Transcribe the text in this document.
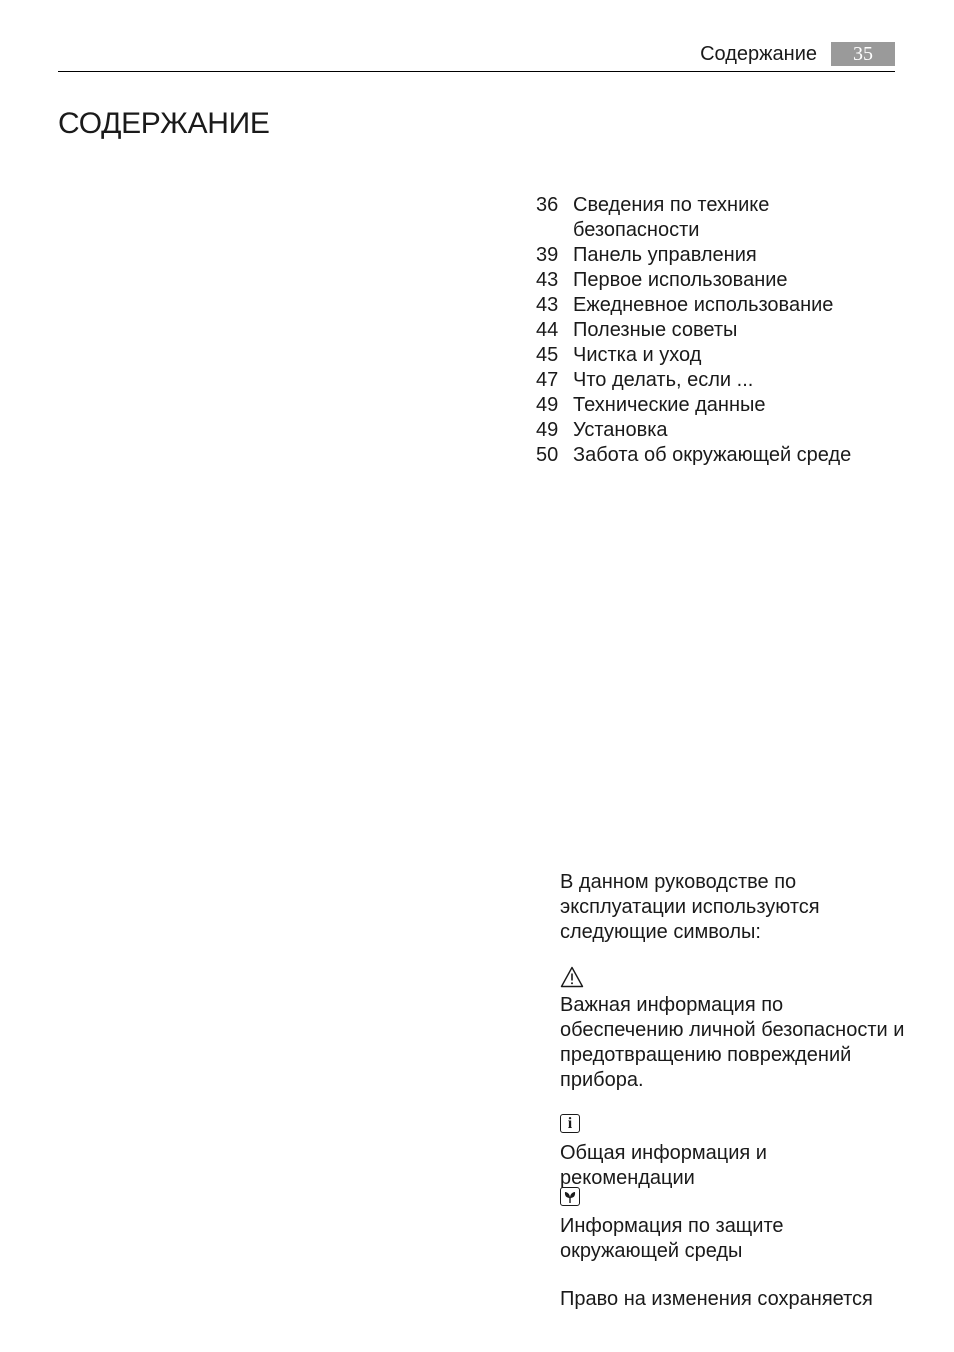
Содержание	35
СОДЕРЖАНИЕ
36 Сведения по технике безопасности
39 Панель управления
43 Первое использование
43 Ежедневное использование
44 Полезные советы
45 Чистка и уход
47 Что делать, если ...
49 Технические данные
49 Установка
50 Забота об окружающей среде
В данном руководстве по эксплуатации используются следующие символы:
Важная информация по обеспечению личной безопасности и предотвращению повреждений прибора.
i
Общая информация и рекомендации
Информация по защите окружающей среды
Право на изменения сохраняется
